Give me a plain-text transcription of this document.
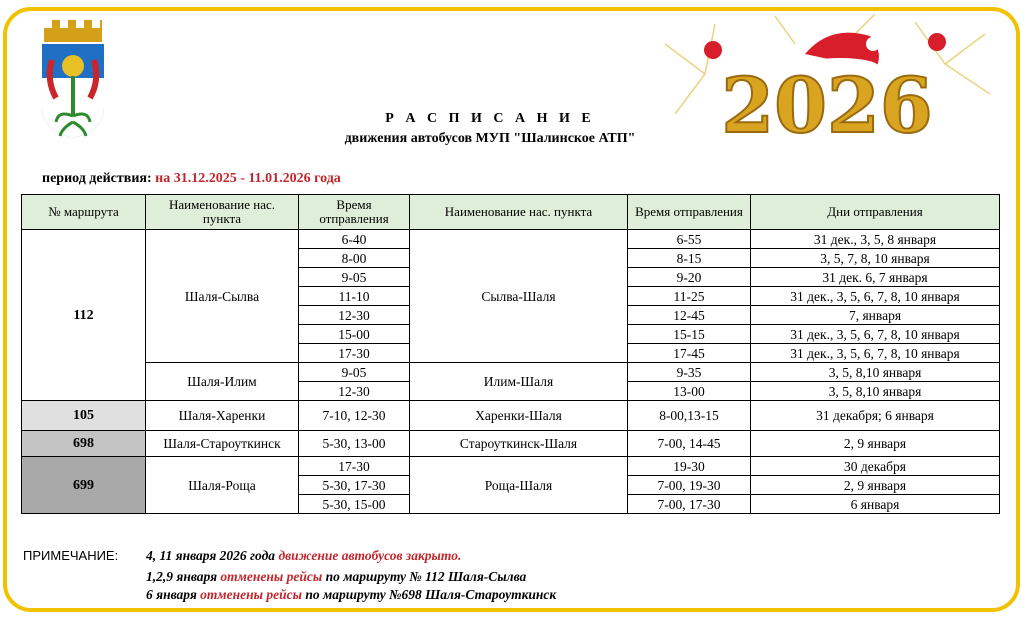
Р А С П И С А Н И Е
движения автобусов МУП "Шалинское АТП"	2026
период действия: на 31.12.2025 - 11.01.2026 года
№ маршрута	Наименование нас. пункта	Время отправления	Наименование нас. пункта	Время отправления	Дни отправления
112	Шаля-Сылва	6-40	Сылва-Шаля	6-55	31 дек., 3, 5, 8 января
		8-00		8-15	3, 5, 7, 8, 10 января
		9-05		9-20	31 дек. 6, 7 января
		11-10		11-25	31 дек., 3, 5, 6, 7, 8, 10 января
		12-30		12-45	7, января
		15-00		15-15	31 дек., 3, 5, 6, 7, 8, 10 января
		17-30		17-45	31 дек., 3, 5, 6, 7, 8, 10 января
	Шаля-Илим	9-05	Илим-Шаля	9-35	3, 5, 8,10 января
		12-30		13-00	3, 5, 8,10 января
105	Шаля-Харенки	7-10, 12-30	Харенки-Шаля	8-00,13-15	31 декабря; 6 января
698	Шаля-Староуткинск	5-30, 13-00	Староуткинск-Шаля	7-00, 14-45	2, 9 января
699	Шаля-Роща	17-30	Роща-Шаля	19-30	30 декабря
		5-30, 17-30		7-00, 19-30	2, 9 января
		5-30, 15-00		7-00, 17-30	6 января
ПРИМЕЧАНИЕ: 4, 11 января 2026 года движение автобусов закрыто.
1,2,9 января отменены рейсы по маршруту № 112 Шаля-Сылва
6 января отменены рейсы по маршруту №698 Шаля-Староуткинск
